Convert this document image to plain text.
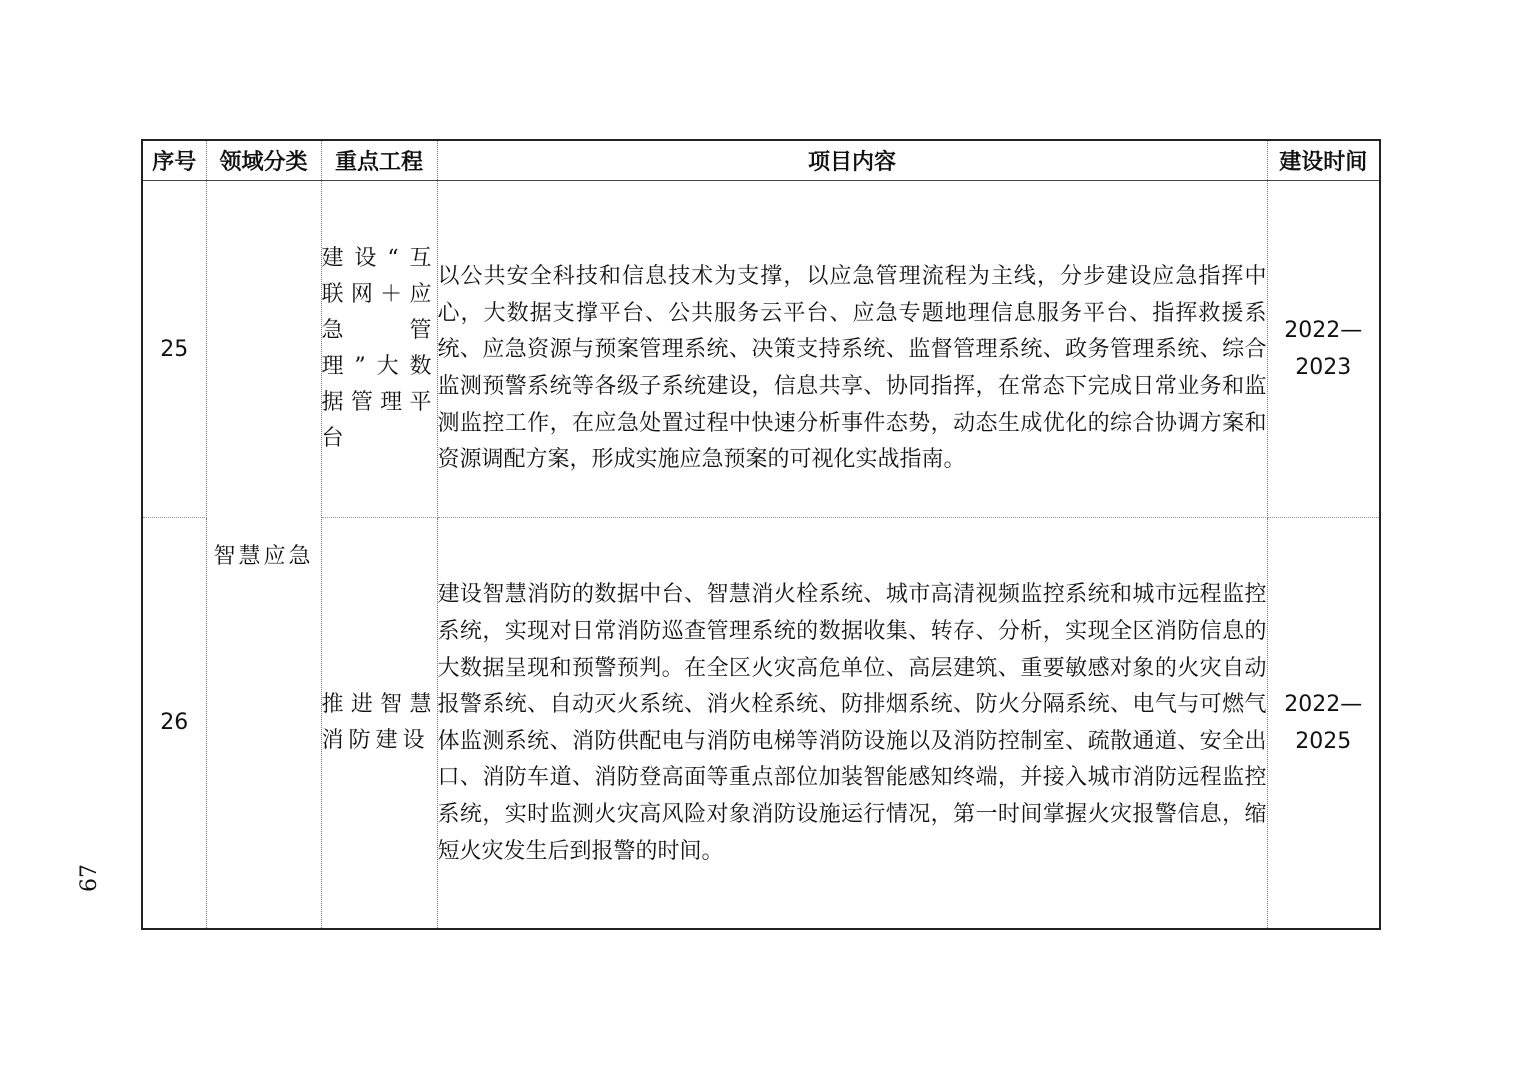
序号	领域分类	重点工程	项目内容	建设时间
25	智慧应急	建设“互联网＋应急管理”大数据管理平台	以公共安全科技和信息技术为支撑，以应急管理流程为主线，分步建设应急指挥中心，大数据支撑平台、公共服务云平台、应急专题地理信息服务平台、指挥救援系统、应急资源与预案管理系统、决策支持系统、监督管理系统、政务管理系统、综合监测预警系统等各级子系统建设，信息共享、协同指挥，在常态下完成日常业务和监测监控工作，在应急处置过程中快速分析事件态势，动态生成优化的综合协调方案和资源调配方案，形成实施应急预案的可视化实战指南。	2022—
2023

26		推进智慧消防建设	建设智慧消防的数据中台、智慧消火栓系统、城市高清视频监控系统和城市远程监控系统，实现对日常消防巡查管理系统的数据收集、转存、分析，实现全区消防信息的大数据呈现和预警预判。在全区火灾高危单位、高层建筑、重要敏感对象的火灾自动报警系统、自动灭火系统、消火栓系统、防排烟系统、防火分隔系统、电气与可燃气体监测系统、消防供配电与消防电梯等消防设施以及消防控制室、疏散通道、安全出口、消防车道、消防登高面等重点部位加装智能感知终端，并接入城市消防远程监控系统，实时监测火灾高风险对象消防设施运行情况，第一时间掌握火灾报警信息，缩短火灾发生后到报警的时间。	2022—
2025
67
